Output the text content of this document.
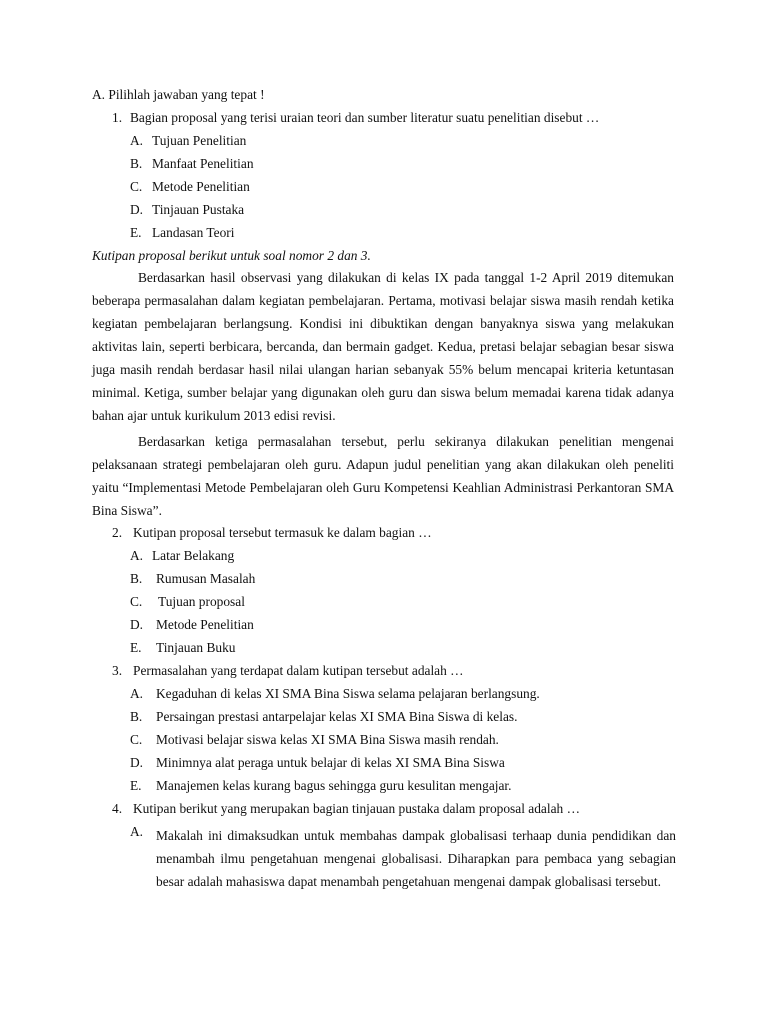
A. Pilihlah jawaban yang tepat !
1. Bagian proposal yang terisi uraian teori dan sumber literatur suatu penelitian disebut …
A. Tujuan Penelitian
B. Manfaat Penelitian
C. Metode Penelitian
D. Tinjauan Pustaka
E. Landasan Teori
Kutipan proposal berikut untuk soal nomor 2 dan 3.
Berdasarkan hasil observasi yang dilakukan di kelas IX pada tanggal 1-2 April 2019 ditemukan beberapa permasalahan dalam kegiatan pembelajaran. Pertama, motivasi belajar siswa masih rendah ketika kegiatan pembelajaran berlangsung. Kondisi ini dibuktikan dengan banyaknya siswa yang melakukan aktivitas lain, seperti berbicara, bercanda, dan bermain gadget. Kedua, pretasi belajar sebagian besar siswa juga masih rendah berdasar hasil nilai ulangan harian sebanyak 55% belum mencapai kriteria ketuntasan minimal. Ketiga, sumber belajar yang digunakan oleh guru dan siswa belum memadai karena tidak adanya bahan ajar untuk kurikulum 2013 edisi revisi.
Berdasarkan ketiga permasalahan tersebut, perlu sekiranya dilakukan penelitian mengenai pelaksanaan strategi pembelajaran oleh guru. Adapun judul penelitian yang akan dilakukan oleh peneliti yaitu “Implementasi Metode Pembelajaran oleh Guru Kompetensi Keahlian Administrasi Perkantoran SMA Bina Siswa”.
2. Kutipan proposal tersebut termasuk ke dalam bagian …
A. Latar Belakang
B. Rumusan Masalah
C. Tujuan proposal
D. Metode Penelitian
E. Tinjauan Buku
3. Permasalahan yang terdapat dalam kutipan tersebut adalah …
A. Kegaduhan di kelas XI SMA Bina Siswa selama pelajaran berlangsung.
B. Persaingan prestasi antarpelajar kelas XI SMA Bina Siswa di kelas.
C. Motivasi belajar siswa kelas XI SMA Bina Siswa masih rendah.
D. Minimnya alat peraga untuk belajar di kelas XI SMA Bina Siswa
E. Manajemen kelas kurang bagus sehingga guru kesulitan mengajar.
4. Kutipan berikut yang merupakan bagian tinjauan pustaka dalam proposal adalah …
A. Makalah ini dimaksudkan untuk membahas dampak globalisasi terhaap dunia pendidikan dan menambah ilmu pengetahuan mengenai globalisasi. Diharapkan para pembaca yang sebagian besar adalah mahasiswa dapat menambah pengetahuan mengenai dampak globalisasi tersebut.
